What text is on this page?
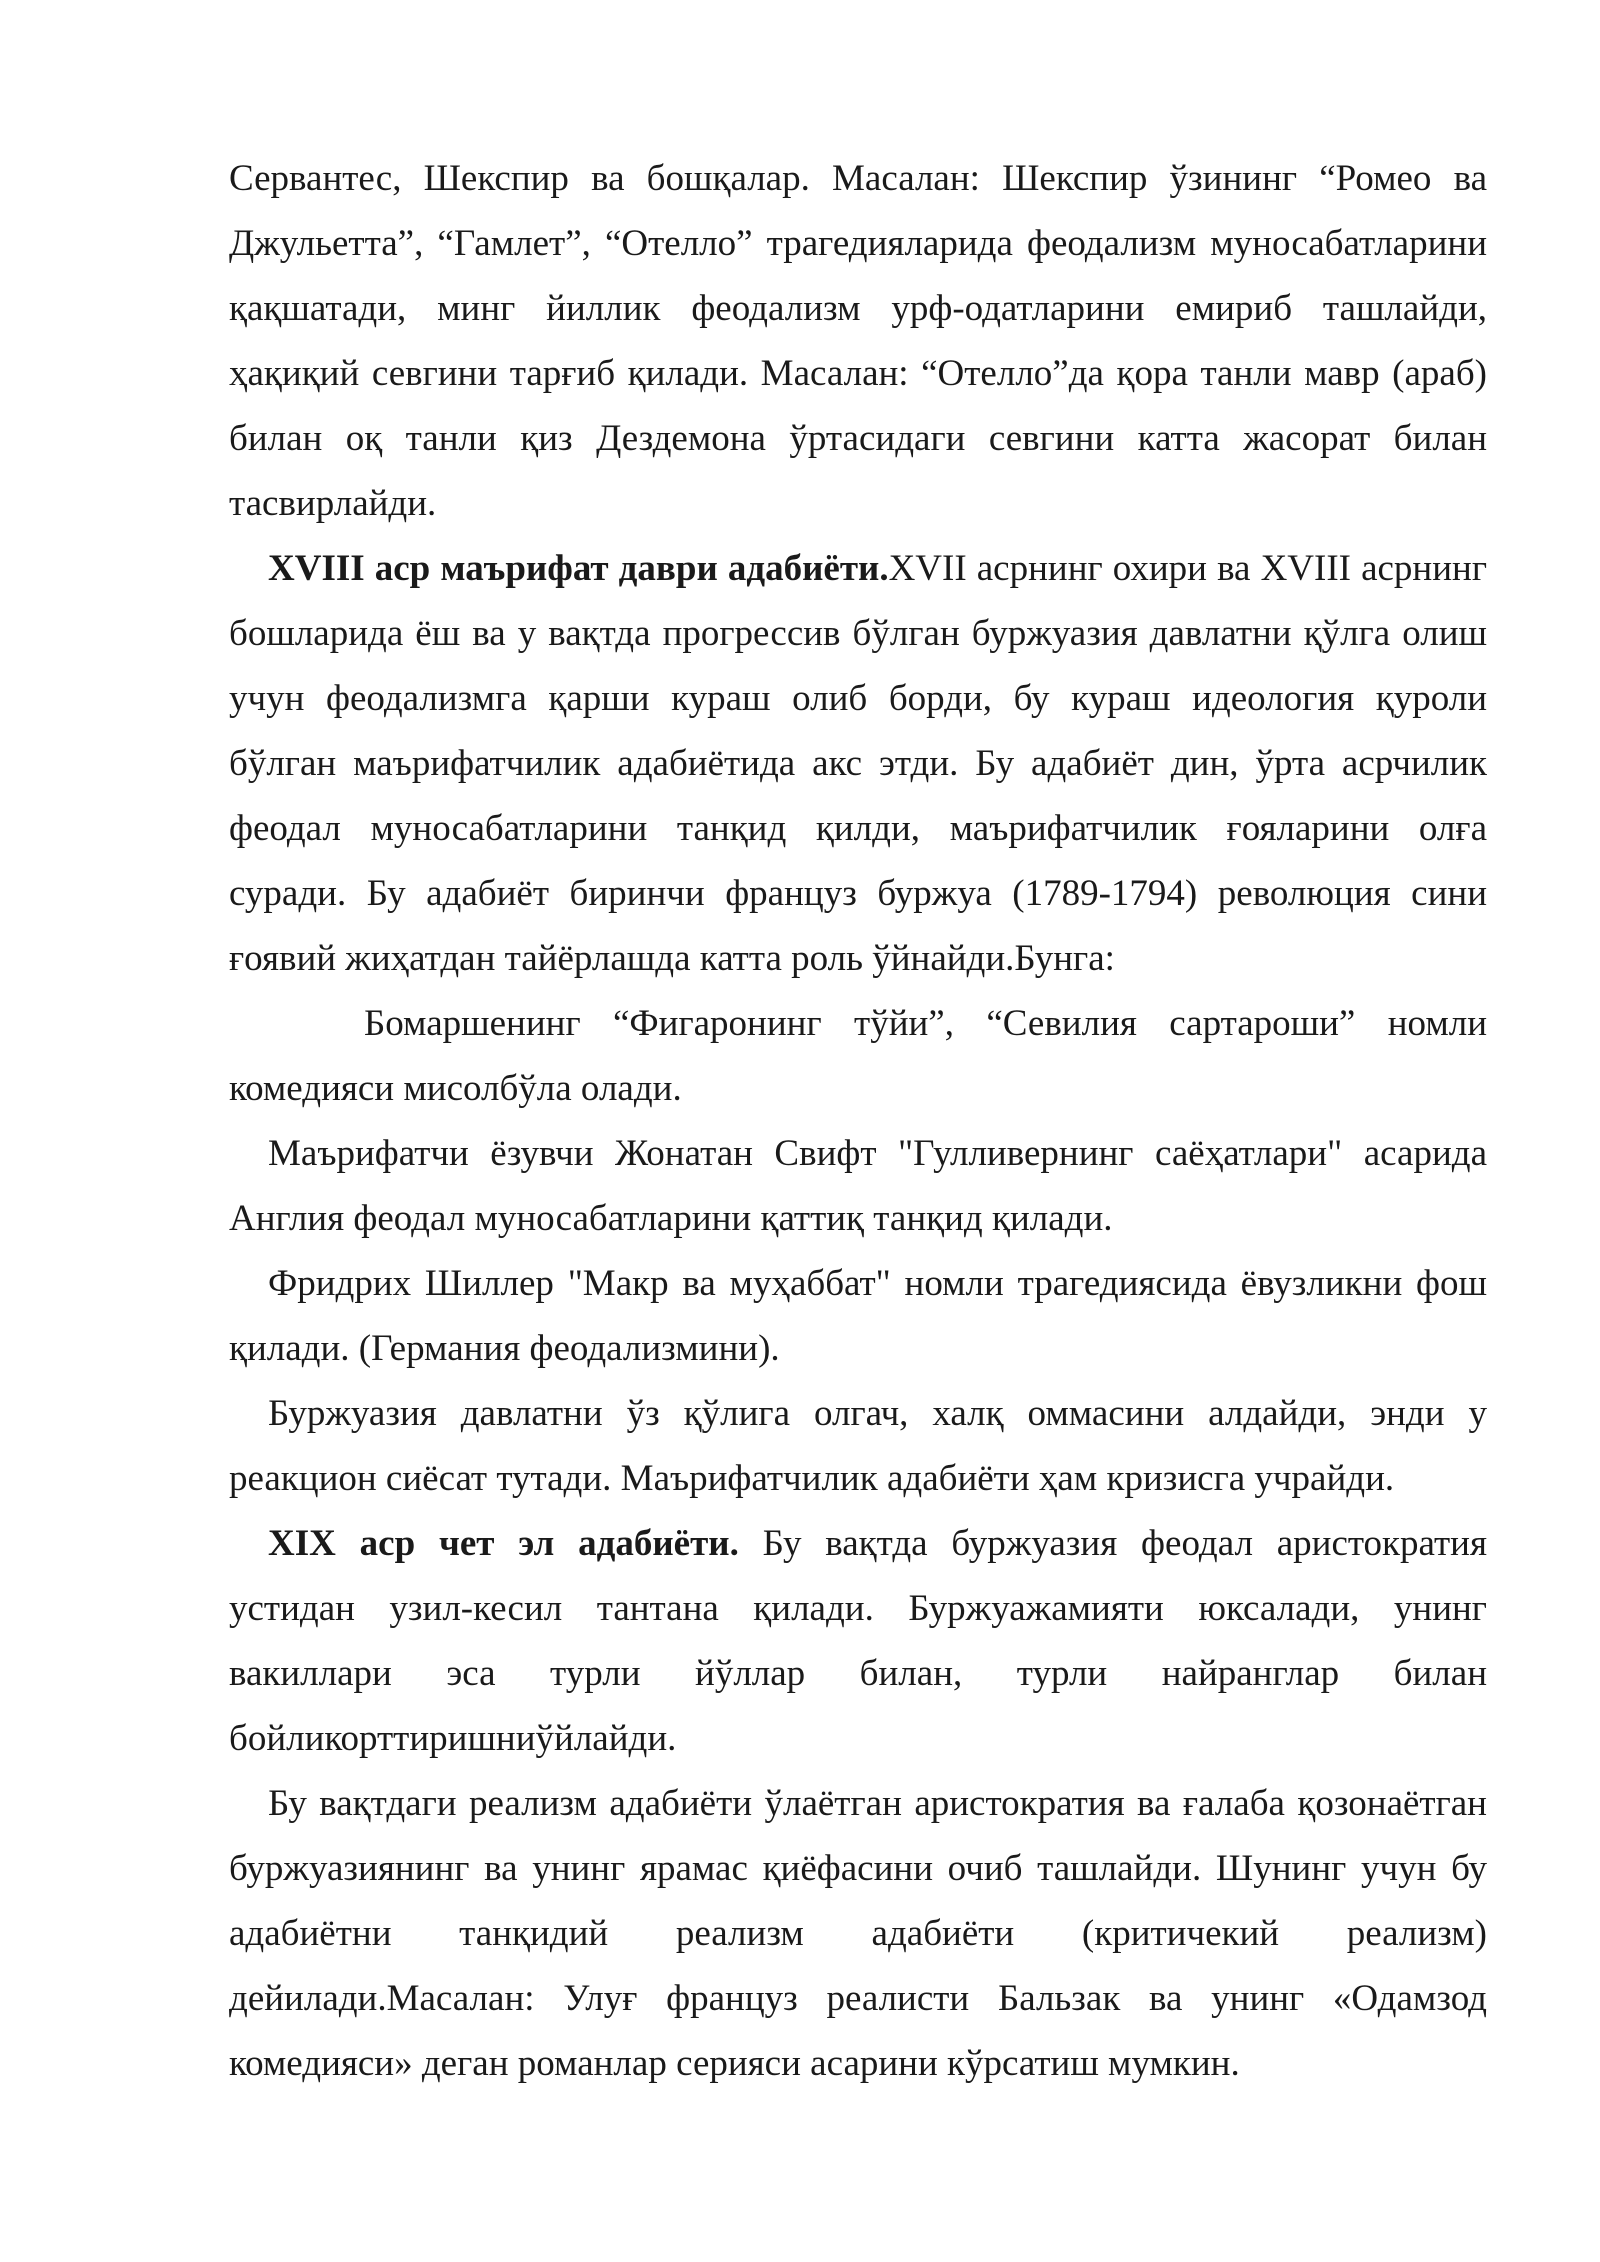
Сервантес, Шекспир ва бошқалар. Масалан: Шекспир ўзининг “Ромео ва Джульетта”, “Гамлет”, “Отелло” трагедияларида феодализм муносабатларини қақшатади, минг йиллик феодализм урф-одатларини емириб ташлайди, ҳақиқий севгини тарғиб қилади. Масалан: “Отелло”да қора танли мавр (араб) билан оқ танли қиз Дездемона ўртасидаги севгини катта жасорат билан тасвирлайди.

XVIII аср маърифат даври адабиёти.XVII асрнинг охири ва XVIII асрнинг бошларида ёш ва у вақтда прогрессив бўлган буржуазия давлатни қўлга олиш учун феодализмга қарши кураш олиб борди, бу кураш идеология қуроли бўлган маърифатчилик адабиётида акс этди. Бу адабиёт дин, ўрта асрчилик феодал муносабатларини танқид қилди, маърифатчилик ғояларини олға суради. Бу адабиёт биринчи француз буржуа (1789-1794) революция сини ғоявий жиҳатдан тайёрлашда катта роль ўйнайди.Бунга:

Бомаршенинг “Фигаронинг тўйи”, “Севилия сартароши” номли комедияси мисолбўла олади.

Маърифатчи ёзувчи Жонатан Свифт "Гулливернинг саёҳатлари" асарида Англия феодал муносабатларини қаттиқ танқид қилади.

Фридрих Шиллер "Макр ва муҳаббат" номли трагедиясида ёвузликни фош қилади. (Германия феодализмини).

Буржуазия давлатни ўз қўлига олгач, халқ оммасини алдайди, энди у реакцион сиёсат тутади. Маърифатчилик адабиёти ҳам кризисга учрайди.

XIX аср чет эл адабиёти. Бу вақтда буржуазия феодал аристократия устидан узил-кесил тантана қилади. Буржуажамияти юксалади, унинг вакиллари эса турли йўллар билан, турли найранглар билан бойликорттиришниўйлайди.

Бу вақтдаги реализм адабиёти ўлаётган аристократия ва ғалаба қозонаётган буржуазиянинг ва унинг ярамас қиёфасини очиб ташлайди. Шунинг учун бу адабиётни танқидий реализм адабиёти (критичекий реализм) дейилади.Масалан: Улуғ француз реалисти Бальзак ва унинг «Одамзод комедияси» деган романлар серияси асарини кўрсатиш мумкин.
